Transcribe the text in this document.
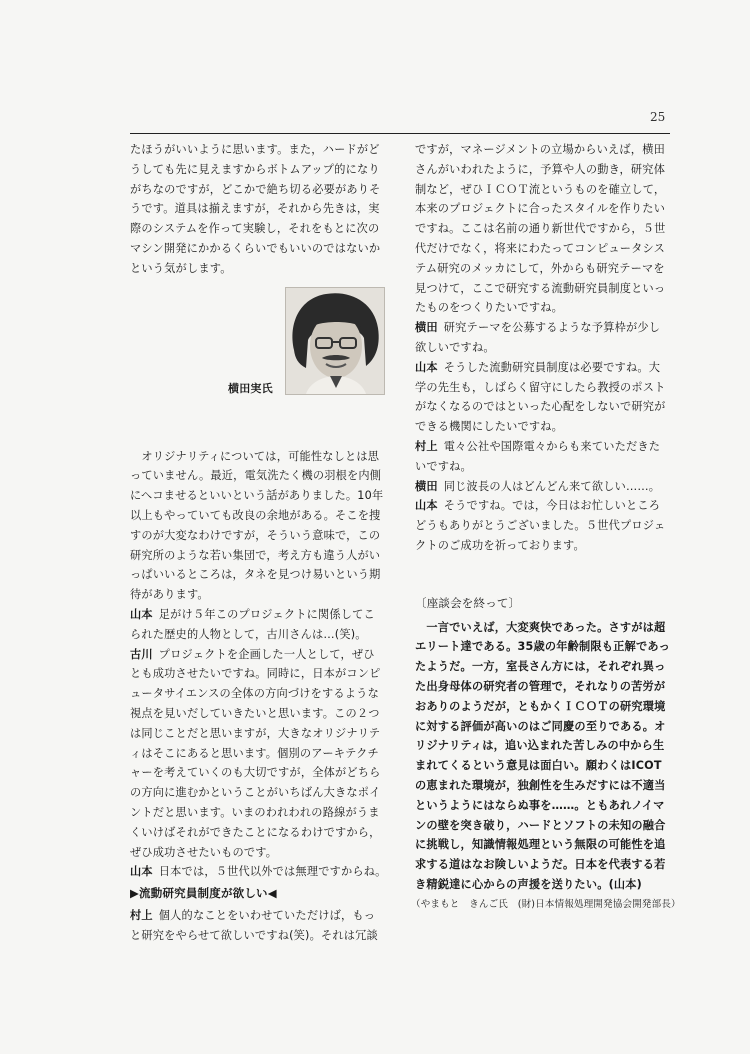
25
たほうがいいように思います。また，ハードがど
うしても先に見えますからボトムアップ的になり
がちなのですが，どこかで絶ち切る必要がありそ
うです。道具は揃えますが，それから先きは，実
際のシステムを作って実験し，それをもとに次の
マシン開発にかかるくらいでもいいのではないか
という気がします。
横田実氏
　オリジナリティについては，可能性なしとは思
っていません。最近，電気洗たく機の羽根を内側
にへコませるといいという話がありました。10年
以上もやっていても改良の余地がある。そこを捜
すのが大変なわけですが，そういう意味で，この
研究所のような若い集団で，考え方も違う人がい
っぱいいるところは，タネを見つけ易いという期
待があります。
山本 足がけ５年このプロジェクトに関係してこ
られた歴史的人物として，古川さんは…(笑)。
古川 プロジェクトを企画した一人として，ぜひ
とも成功させたいですね。同時に，日本がコンピ
ュータサイエンスの全体の方向づけをするような
視点を見いだしていきたいと思います。この２つ
は同じことだと思いますが，大きなオリジナリテ
ィはそこにあると思います。個別のアーキテクチ
ャーを考えていくのも大切ですが，全体がどちら
の方向に進むかということがいちばん大きなポイ
ントだと思います。いまのわれわれの路線がうま
くいけばそれができたことになるわけですから，
ぜひ成功させたいものです。
山本 日本では，５世代以外では無理ですからね。
▶流動研究員制度が欲しい◀
村上 個人的なことをいわせていただけば，もっ
と研究をやらせて欲しいですね(笑)。それは冗談
ですが，マネージメントの立場からいえば，横田
さんがいわれたように，予算や人の動き，研究体
制など，ぜひＩＣＯＴ流というものを確立して，
本来のプロジェクトに合ったスタイルを作りたい
ですね。ここは名前の通り新世代ですから，５世
代だけでなく，将来にわたってコンピュータシス
テム研究のメッカにして，外からも研究テーマを
見つけて，ここで研究する流動研究員制度といっ
たものをつくりたいですね。
横田 研究テーマを公募するような予算枠が少し
欲しいですね。
山本 そうした流動研究員制度は必要ですね。大
学の先生も，しばらく留守にしたら教授のポスト
がなくなるのではといった心配をしないで研究が
できる機関にしたいですね。
村上 電々公社や国際電々からも来ていただきた
いですね。
横田 同じ波長の人はどんどん来て欲しい……。
山本 そうですね。では，今日はお忙しいところ
どうもありがとうございました。５世代プロジェ
クトのご成功を祈っております。
〔座談会を終って〕
　一言でいえば，大変爽快であった。さすがは超
エリート達である。35歳の年齢制限も正解であっ
たようだ。一方，室長さん方には，それぞれ異っ
た出身母体の研究者の管理で，それなりの苦労が
おありのようだが，ともかくＩＣＯＴの研究環境
に対する評価が高いのはご同慶の至りである。オ
リジナリティは，追い込まれた苦しみの中から生
まれてくるという意見は面白い。願わくはICOT
の恵まれた環境が，独創性を生みだすには不適当
というようにはならぬ事を……。ともあれノイマ
ンの壁を突き破り，ハードとソフトの未知の融合
に挑戦し，知識情報処理という無限の可能性を追
求する道はなお険しいようだ。日本を代表する若
き精鋭達に心からの声援を送りたい。(山本)
（やまもと　きんご氏　(財)日本情報処理開発協会開発部長）
